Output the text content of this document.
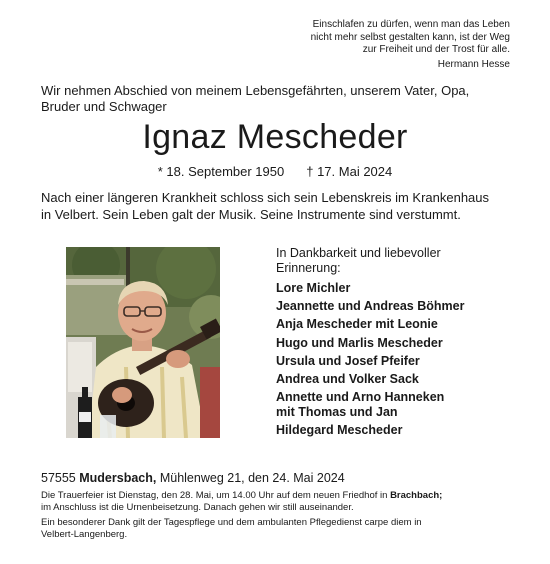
Einschlafen zu dürfen, wenn man das Leben
nicht mehr selbst gestalten kann, ist der Weg
zur Freiheit und der Trost für alle.
Hermann Hesse
Wir nehmen Abschied von meinem Lebensgefährten, unserem Vater, Opa,
Bruder und Schwager
Ignaz Mescheder
* 18. September 1950 † 17. Mai 2024
Nach einer längeren Krankheit schloss sich sein Lebenskreis im Krankenhaus
in Velbert. Sein Leben galt der Musik. Seine Instrumente sind verstummt.
In Dankbarkeit und liebevoller
Erinnerung:
Lore Michler
Jeannette und Andreas Böhmer
Anja Mescheder mit Leonie
Hugo und Marlis Mescheder
Ursula und Josef Pfeifer
Andrea und Volker Sack
Annette und Arno Hanneken
mit Thomas und Jan
Hildegard Mescheder
57555 Mudersbach, Mühlenweg 21, den 24. Mai 2024

Die Trauerfeier ist Dienstag, den 28. Mai, um 14.00 Uhr auf dem neuen Friedhof in Brachbach;
im Anschluss ist die Urnenbeisetzung. Danach gehen wir still auseinander.

Ein besonderer Dank gilt der Tagespflege und dem ambulanten Pflegedienst carpe diem in
Velbert-Langenberg.
